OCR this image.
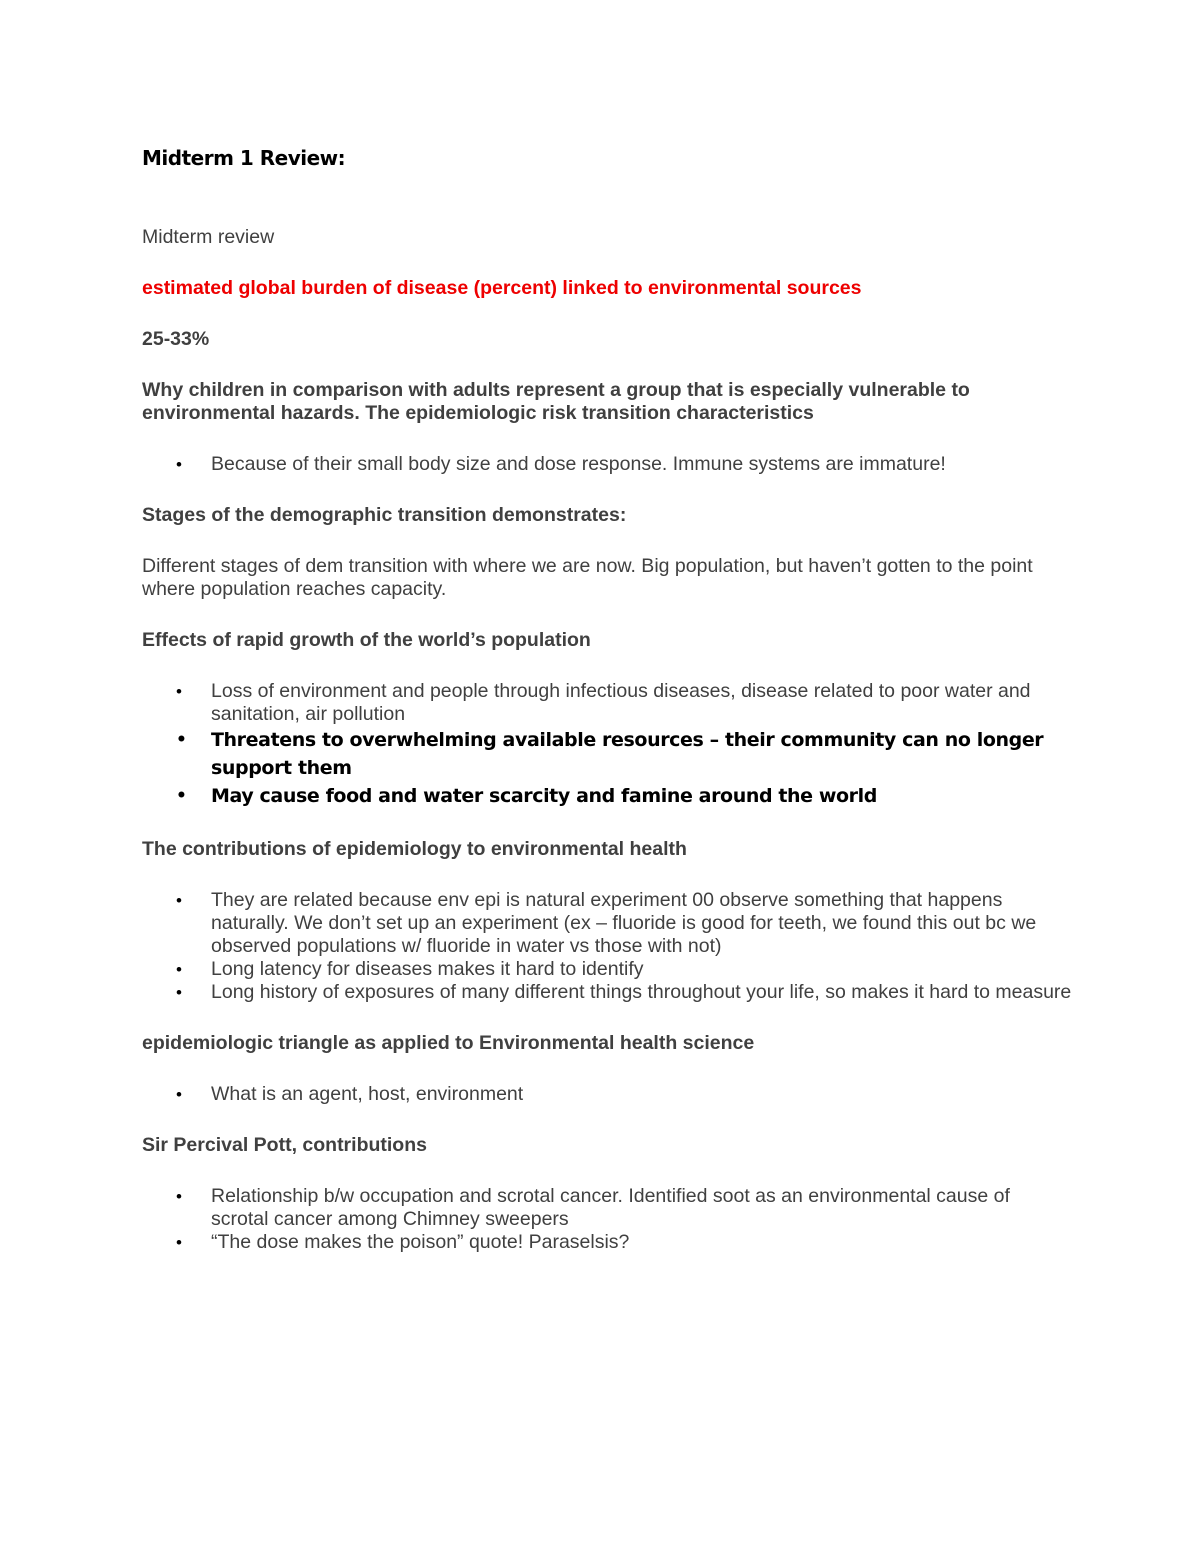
Midterm 1 Review:

Midterm review

estimated global burden of disease (percent) linked to environmental sources

25-33%

Why children in comparison with adults represent a group that is especially vulnerable to environmental hazards. The epidemiologic risk transition characteristics

• Because of their small body size and dose response. Immune systems are immature!

Stages of the demographic transition demonstrates:

Different stages of dem transition with where we are now. Big population, but haven’t gotten to the point where population reaches capacity.

Effects of rapid growth of the world’s population

• Loss of environment and people through infectious diseases, disease related to poor water and sanitation, air pollution
• Threatens to overwhelming available resources – their community can no longer support them
• May cause food and water scarcity and famine around the world

The contributions of epidemiology to environmental health

• They are related because env epi is natural experiment 00 observe something that happens naturally. We don’t set up an experiment (ex – fluoride is good for teeth, we found this out bc we observed populations w/ fluoride in water vs those with not)
• Long latency for diseases makes it hard to identify
• Long history of exposures of many different things throughout your life, so makes it hard to measure

epidemiologic triangle as applied to Environmental health science

• What is an agent, host, environment

Sir Percival Pott, contributions

• Relationship b/w occupation and scrotal cancer. Identified soot as an environmental cause of scrotal cancer among Chimney sweepers
• “The dose makes the poison” quote! Paraselsis?
